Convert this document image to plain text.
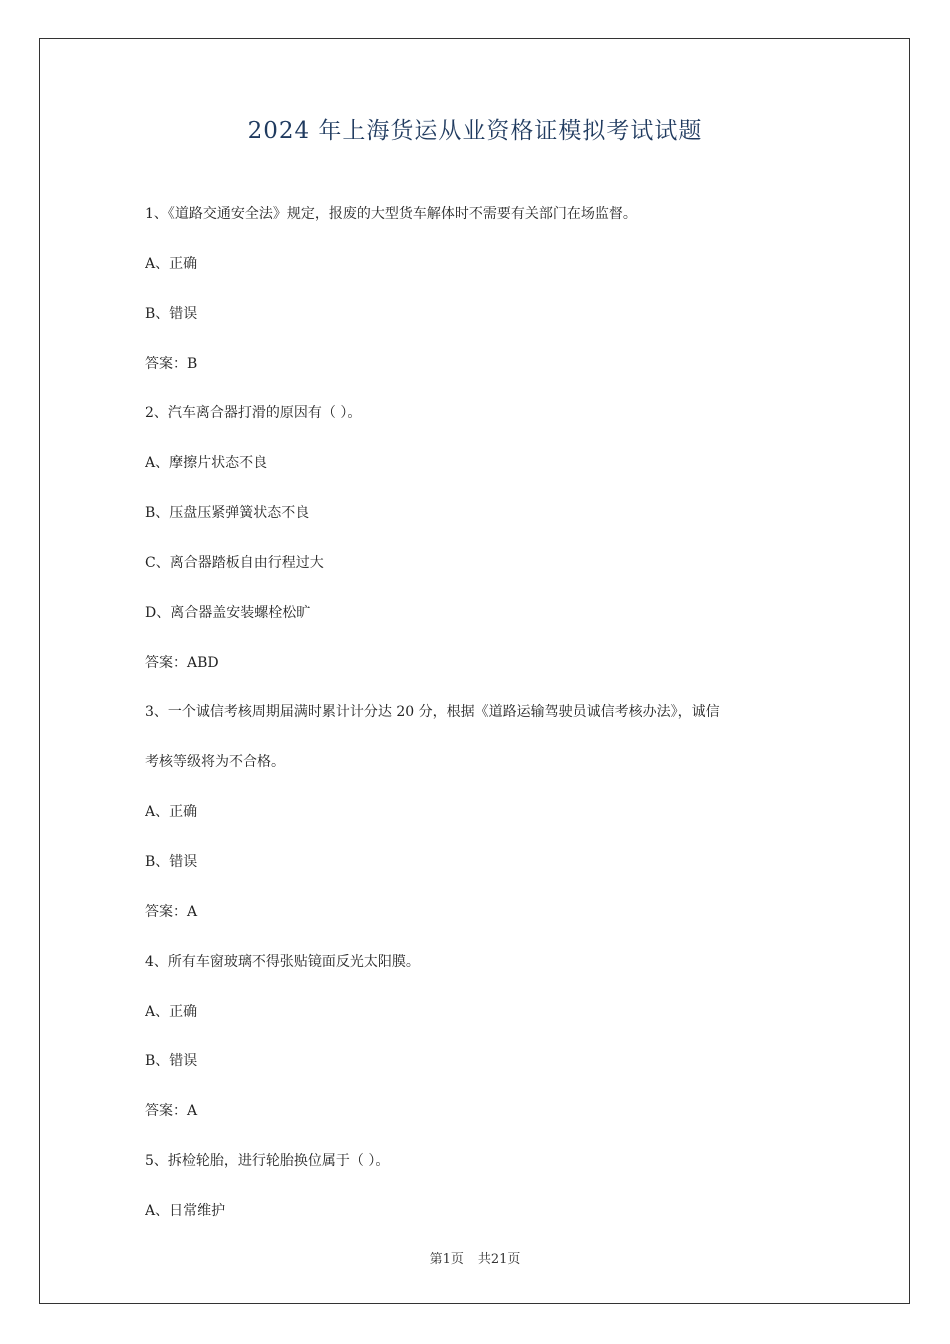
2024 年上海货运从业资格证模拟考试试题
1、《道路交通安全法》规定，报废的大型货车解体时不需要有关部门在场监督。
A、正确
B、错误
答案：B
2、汽车离合器打滑的原因有（ ）。
A、摩擦片状态不良
B、压盘压紧弹簧状态不良
C、离合器踏板自由行程过大
D、离合器盖安装螺栓松旷
答案：ABD
3、一个诚信考核周期届满时累计计分达 20 分，根据《道路运输驾驶员诚信考核办法》，诚信
考核等级将为不合格。
A、正确
B、错误
答案：A
4、所有车窗玻璃不得张贴镜面反光太阳膜。
A、正确
B、错误
答案：A
5、拆检轮胎，进行轮胎换位属于（ ）。
A、日常维护
第1页 共21页
